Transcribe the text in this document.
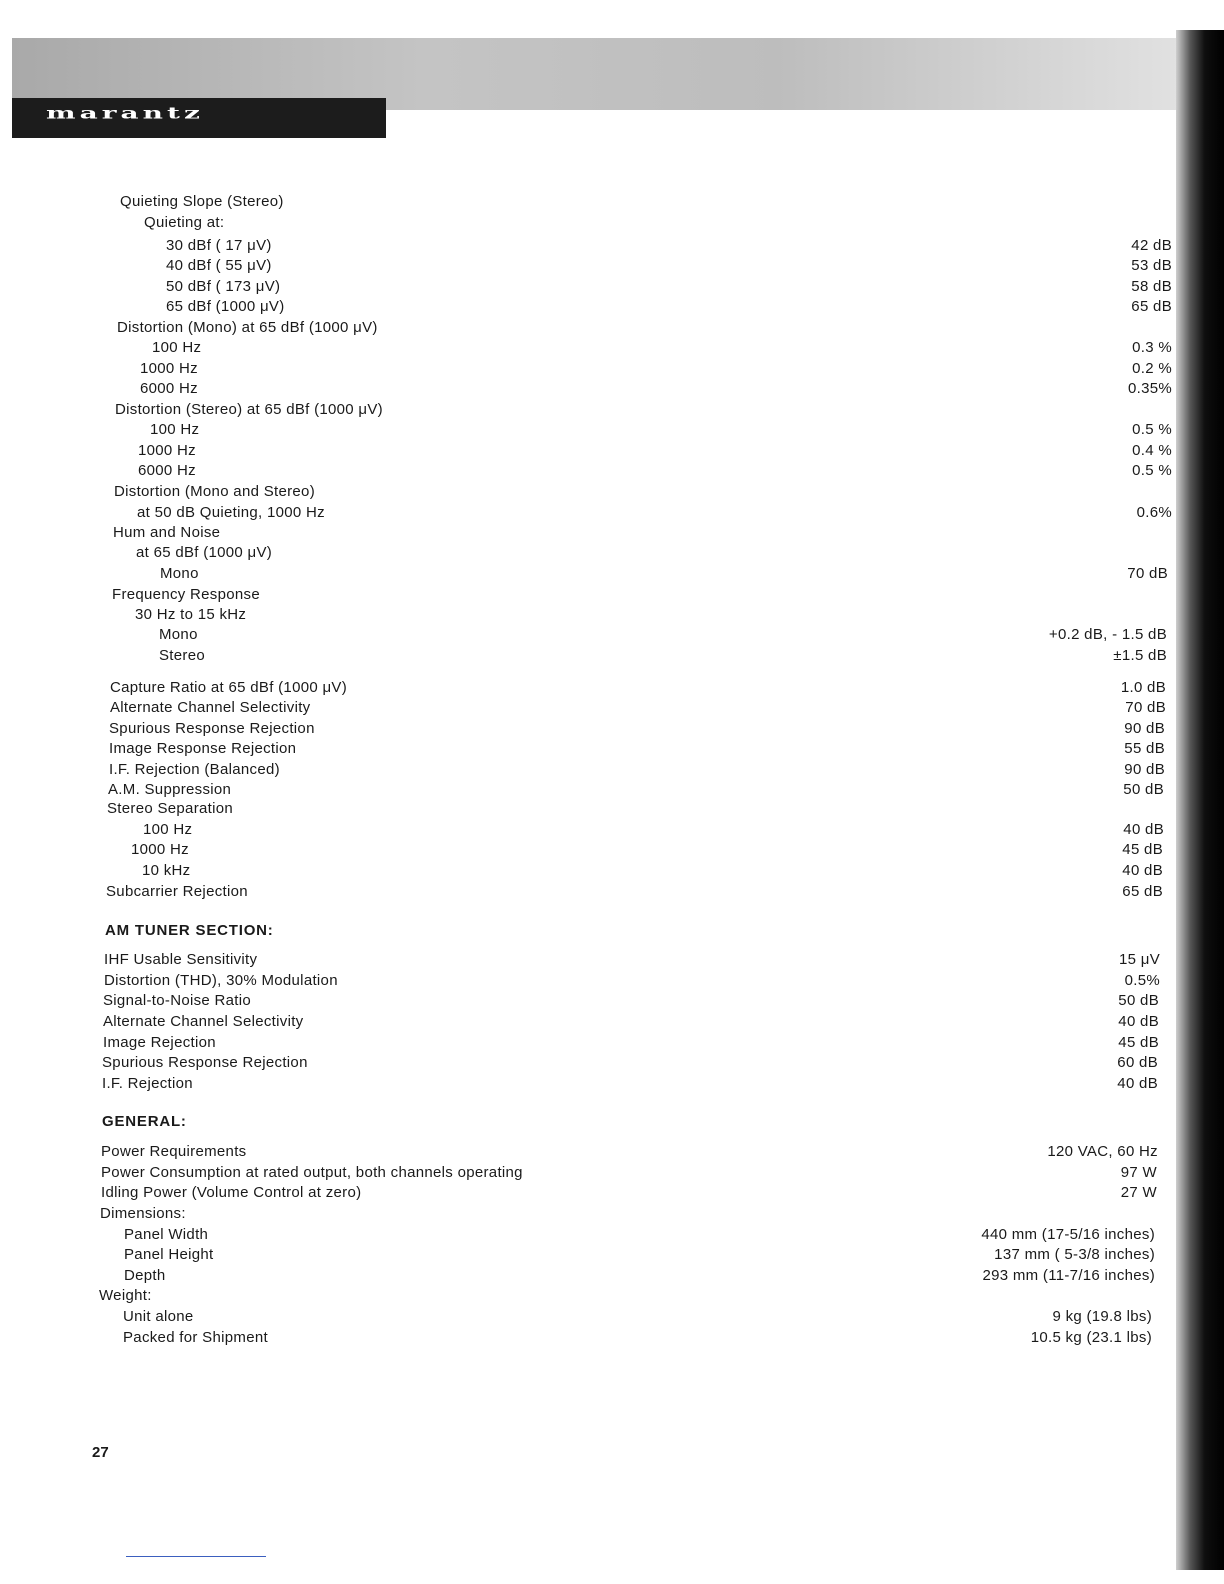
marantz
Quieting Slope (Stereo)
Quieting at:
30 dBf ( 17 μV)	42 dB
40 dBf ( 55 μV)	53 dB
50 dBf ( 173 μV)	58 dB
65 dBf (1000 μV)	65 dB
Distortion (Mono) at 65 dBf (1000 μV)
100 Hz	0.3 %
1000 Hz	0.2 %
6000 Hz	0.35%
Distortion (Stereo) at 65 dBf (1000 μV)
100 Hz	0.5 %
1000 Hz	0.4 %
6000 Hz	0.5 %
Distortion (Mono and Stereo)
at 50 dB Quieting, 1000 Hz	0.6%
Hum and Noise
at 65 dBf (1000 μV)
Mono	70 dB
Frequency Response
30 Hz to 15 kHz
Mono	+0.2 dB, - 1.5 dB
Stereo	±1.5 dB
Capture Ratio at 65 dBf (1000 μV)	1.0 dB
Alternate Channel Selectivity	70 dB
Spurious Response Rejection	90 dB
Image Response Rejection	55 dB
I.F. Rejection (Balanced)	90 dB
A.M. Suppression	50 dB
Stereo Separation
100 Hz	40 dB
1000 Hz	45 dB
10 kHz	40 dB
Subcarrier Rejection	65 dB
AM TUNER SECTION:
IHF Usable Sensitivity	15 μV
Distortion (THD), 30% Modulation	0.5%
Signal-to-Noise Ratio	50 dB
Alternate Channel Selectivity	40 dB
Image Rejection	45 dB
Spurious Response Rejection	60 dB
I.F. Rejection	40 dB
GENERAL:
Power Requirements	120 VAC, 60 Hz
Power Consumption at rated output, both channels operating	97 W
Idling Power (Volume Control at zero)	27 W
Dimensions:
Panel Width	440 mm (17-5/16 inches)
Panel Height	137 mm ( 5-3/8 inches)
Depth	293 mm (11-7/16 inches)
Weight:
Unit alone	9 kg (19.8 lbs)
Packed for Shipment	10.5 kg (23.1 lbs)
27
